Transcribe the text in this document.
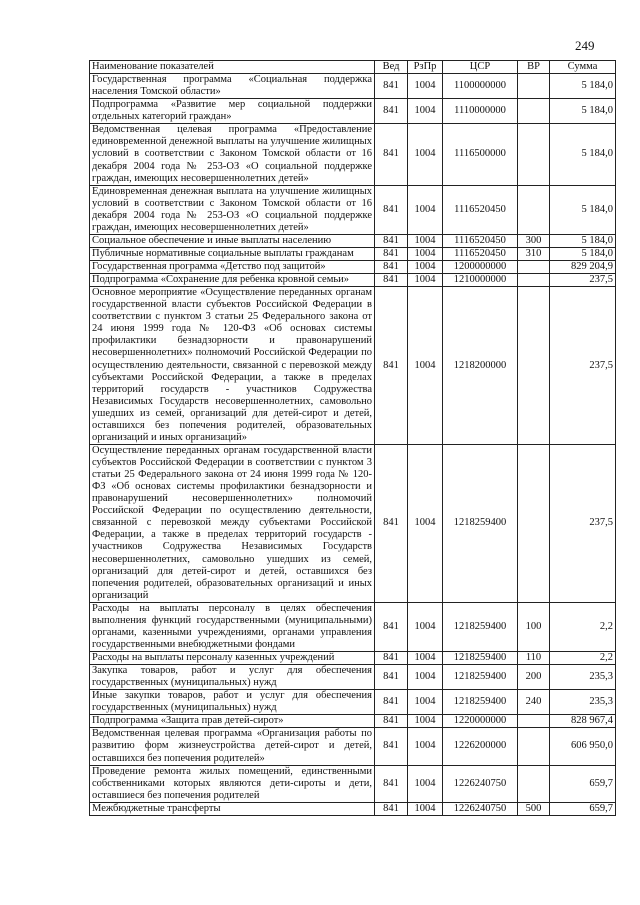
249
Наименование показателей	Вед	РзПр	ЦСР	ВР	Сумма
Государственная программа «Социальная поддержка населения Томской области»	841	1004	1100000000		5 184,0
Подпрограмма «Развитие мер социальной поддержки отдельных категорий граждан»	841	1004	1110000000		5 184,0
Ведомственная целевая программа «Предоставление единовременной денежной выплаты на улучшение жилищных условий в соответствии с Законом Томской области от 16 декабря 2004 года № 253-ОЗ «О социальной поддержке граждан, имеющих несовершеннолетних детей»	841	1004	1116500000		5 184,0
Единовременная денежная выплата на улучшение жилищных условий в соответствии с Законом Томской области от 16 декабря 2004 года № 253-ОЗ «О социальной поддержке граждан, имеющих несовершеннолетних детей»	841	1004	1116520450		5 184,0
Социальное обеспечение и иные выплаты населению	841	1004	1116520450	300	5 184,0
Публичные нормативные социальные выплаты гражданам	841	1004	1116520450	310	5 184,0
Государственная программа «Детство под защитой»	841	1004	1200000000		829 204,9
Подпрограмма «Сохранение для ребенка кровной семьи»	841	1004	1210000000		237,5
Основное мероприятие «Осуществление переданных органам государственной власти субъектов Российской Федерации в соответствии с пунктом 3 статьи 25 Федерального закона от 24 июня 1999 года № 120-ФЗ «Об основах системы профилактики безнадзорности и правонарушений несовершеннолетних» полномочий Российской Федерации по осуществлению деятельности, связанной с перевозкой между субъектами Российской Федерации, а также в пределах территорий государств - участников Содружества Независимых Государств несовершеннолетних, самовольно ушедших из семей, организаций для детей-сирот и детей, оставшихся без попечения родителей, образовательных организаций и иных организаций»	841	1004	1218200000		237,5
Осуществление переданных органам государственной власти субъектов Российской Федерации в соответствии с пунктом 3 статьи 25 Федерального закона от 24 июня 1999 года № 120-ФЗ «Об основах системы профилактики безнадзорности и правонарушений несовершеннолетних» полномочий Российской Федерации по осуществлению деятельности, связанной с перевозкой между субъектами Российской Федерации, а также в пределах территорий государств - участников Содружества Независимых Государств несовершеннолетних, самовольно ушедших из семей, организаций для детей-сирот и детей, оставшихся без попечения родителей, образовательных организаций и иных организаций	841	1004	1218259400		237,5
Расходы на выплаты персоналу в целях обеспечения выполнения функций государственными (муниципальными) органами, казенными учреждениями, органами управления государственными внебюджетными фондами	841	1004	1218259400	100	2,2
Расходы на выплаты персоналу казенных учреждений	841	1004	1218259400	110	2,2
Закупка товаров, работ и услуг для обеспечения государственных (муниципальных) нужд	841	1004	1218259400	200	235,3
Иные закупки товаров, работ и услуг для обеспечения государственных (муниципальных) нужд	841	1004	1218259400	240	235,3
Подпрограмма «Защита прав детей-сирот»	841	1004	1220000000		828 967,4
Ведомственная целевая программа «Организация работы по развитию форм жизнеустройства детей-сирот и детей, оставшихся без попечения родителей»	841	1004	1226200000		606 950,0
Проведение ремонта жилых помещений, единственными собственниками которых являются дети-сироты и дети, оставшиеся без попечения родителей	841	1004	1226240750		659,7
Межбюджетные трансферты	841	1004	1226240750	500	659,7
